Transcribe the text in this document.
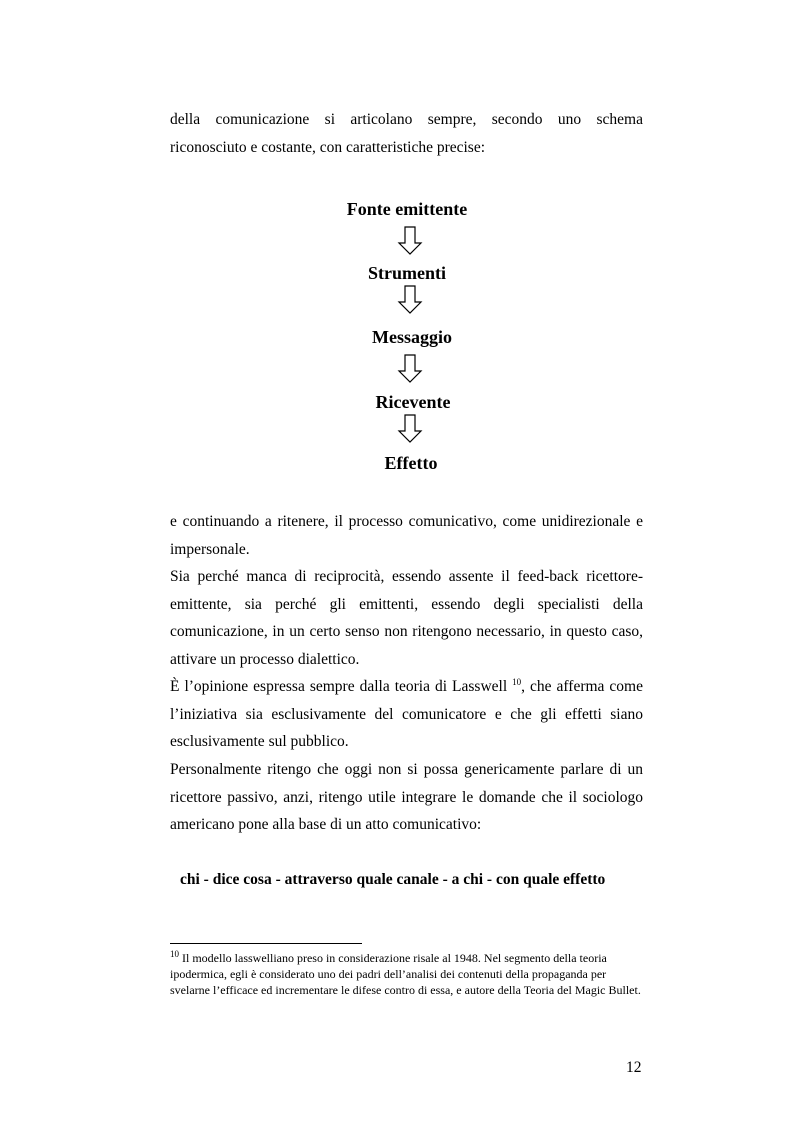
della comunicazione si articolano sempre, secondo uno schema riconosciuto e costante, con caratteristiche precise:

Fonte emittente
Strumenti
Messaggio
Ricevente
Effetto

e continuando a ritenere, il processo comunicativo, come unidirezionale e impersonale.

Sia perché manca di reciprocità, essendo assente il feed-back ricettore-emittente, sia perché gli emittenti, essendo degli specialisti della comunicazione, in un certo senso non ritengono necessario, in questo caso, attivare un processo dialettico.

È l’opinione espressa sempre dalla teoria di Lasswell $^{10}$, che afferma come l’iniziativa sia esclusivamente del comunicatore e che gli effetti siano esclusivamente sul pubblico.

Personalmente ritengo che oggi non si possa genericamente parlare di un ricettore passivo, anzi, ritengo utile integrare le domande che il sociologo americano pone alla base di un atto comunicativo:

chi - dice cosa - attraverso quale canale - a chi - con quale effetto

$^{10}$ Il modello lasswelliano preso in considerazione risale al 1948. Nel segmento della teoria ipodermica, egli è considerato uno dei padri dell’analisi dei contenuti della propaganda per svelarne l’efficace ed incrementare le difese contro di essa, e autore della Teoria del Magic Bullet.

12
